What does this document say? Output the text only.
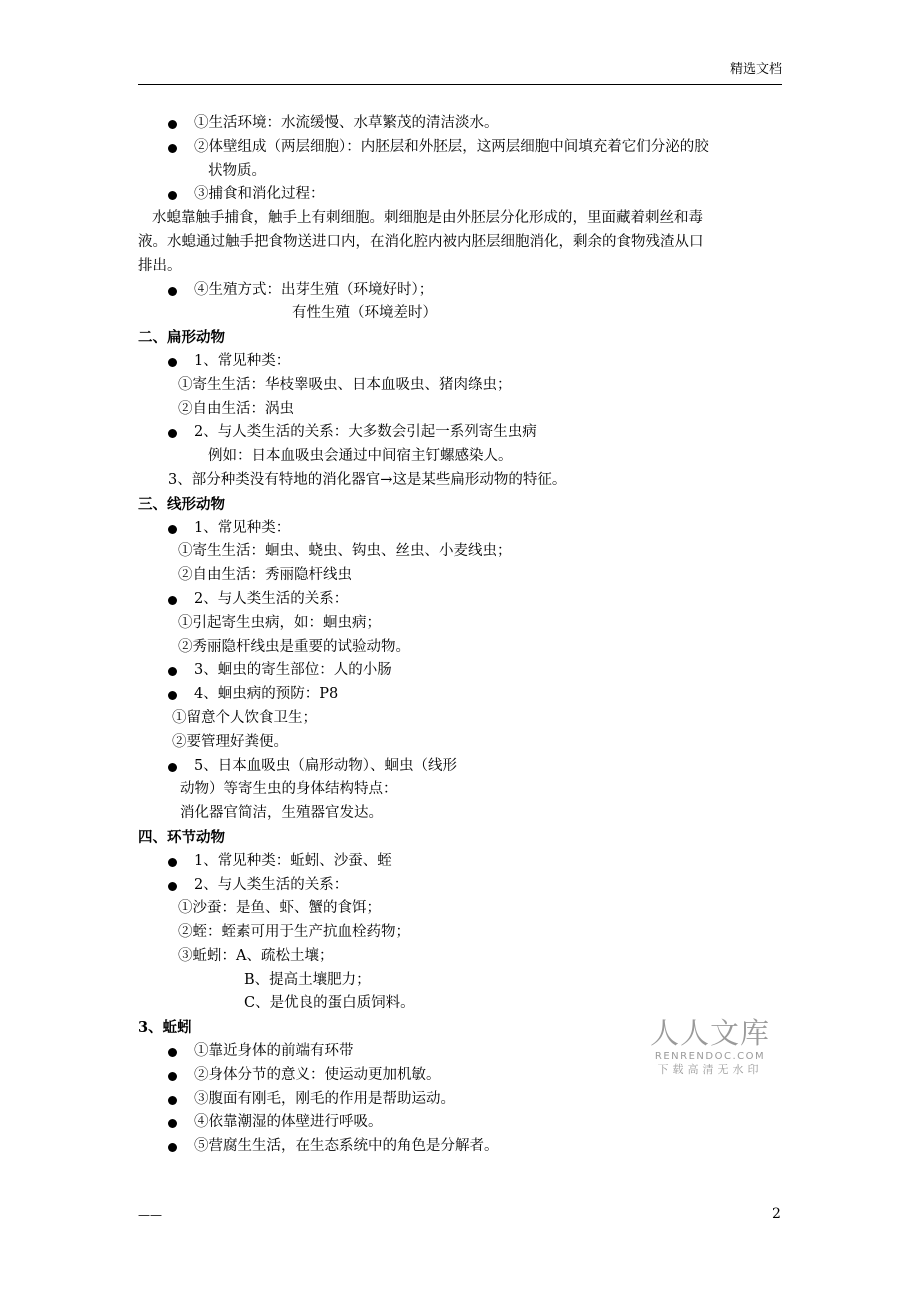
精选文档
①生活环境：水流缓慢、水草繁茂的清洁淡水。
②体壁组成（两层细胞）：内胚层和外胚层，这两层细胞中间填充着它们分泌的胶
状物质。
③捕食和消化过程：
水螅靠触手捕食，触手上有刺细胞。刺细胞是由外胚层分化形成的，里面藏着刺丝和毒
液。水螅通过触手把食物送进口内，在消化腔内被内胚层细胞消化，剩余的食物残渣从口
排出。
④生殖方式：出芽生殖（环境好时）；
有性生殖（环境差时）
二、扁形动物
1、常见种类：
①寄生生活：华枝睾吸虫、日本血吸虫、猪肉绦虫；
②自由生活：涡虫
2、与人类生活的关系：大多数会引起一系列寄生虫病
例如：日本血吸虫会通过中间宿主钉螺感染人。
3、部分种类没有特地的消化器官→这是某些扁形动物的特征。
三、线形动物
1、常见种类：
①寄生生活：蛔虫、蛲虫、钩虫、丝虫、小麦线虫；
②自由生活：秀丽隐杆线虫
2、与人类生活的关系：
①引起寄生虫病，如：蛔虫病；
②秀丽隐杆线虫是重要的试验动物。
3、蛔虫的寄生部位：人的小肠
4、蛔虫病的预防：P8
①留意个人饮食卫生；
②要管理好粪便。
5、日本血吸虫（扁形动物）、蛔虫（线形
动物）等寄生虫的身体结构特点：
消化器官简洁，生殖器官发达。
四、环节动物
1、常见种类：蚯蚓、沙蚕、蛭
2、与人类生活的关系：
①沙蚕：是鱼、虾、蟹的食饵；
②蛭：蛭素可用于生产抗血栓药物；
③蚯蚓：A、疏松土壤；
B、提高土壤肥力；
C、是优良的蛋白质饲料。
3、蚯蚓
①靠近身体的前端有环带
②身体分节的意义：使运动更加机敏。
③腹面有刚毛，刚毛的作用是帮助运动。
④依靠潮湿的体壁进行呼吸。
⑤营腐生生活，在生态系统中的角色是分解者。
人人文库
RENRENDOC.COM
下载高清无水印
——	2
